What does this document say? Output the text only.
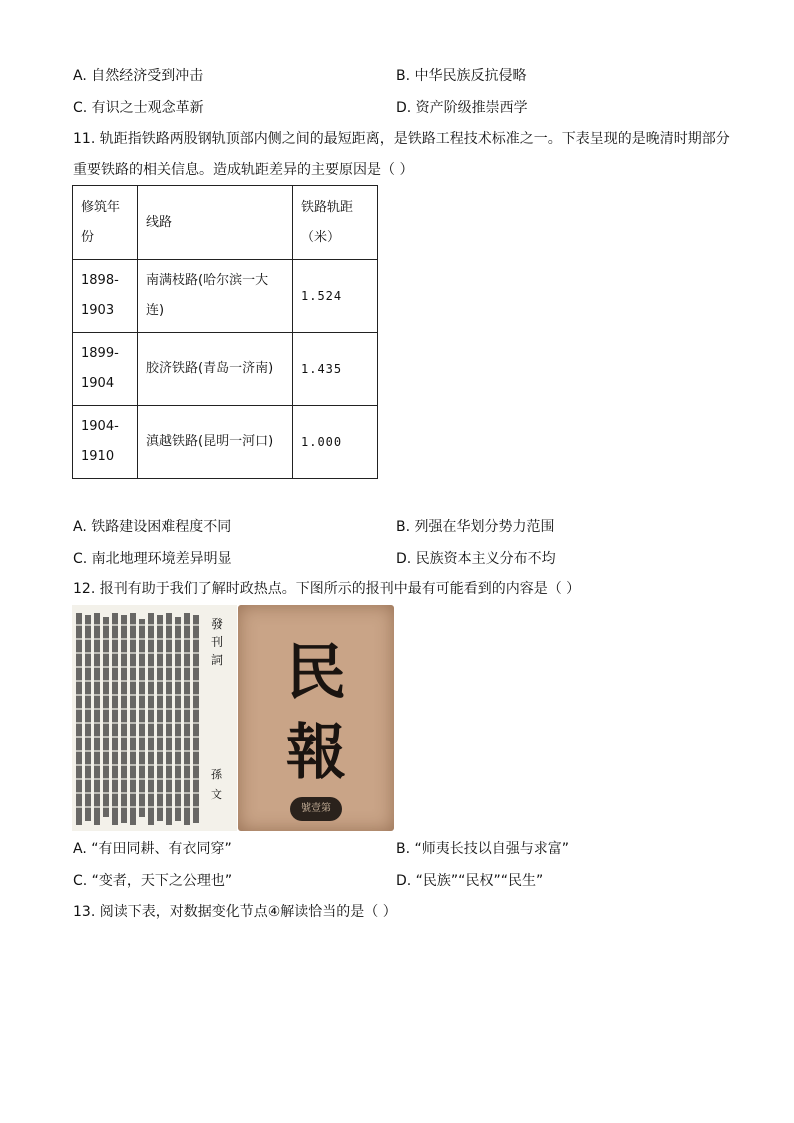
A. 自然经济受到冲击	B. 中华民族反抗侵略
C. 有识之士观念革新	D. 资产阶级推崇西学
11. 轨距指铁路两股钢轨顶部内侧之间的最短距离，是铁路工程技术标准之一。下表呈现的是晚清时期部分
重要铁路的相关信息。造成轨距差异的主要原因是（ ）
修筑年份	线路	铁路轨距（米）
1898-1903	南满枝路(哈尔滨一大连)	1.524
1899-1904	胶济铁路(青岛一济南)	1.435
1904-1910	滇越铁路(昆明一河口)	1.000
A. 铁路建设困难程度不同	B. 列强在华划分势力范围
C. 南北地理环境差异明显	D. 民族资本主义分布不均
12. 报刊有助于我们了解时政热点。下图所示的报刊中最有可能看到的内容是（ ）
發刊詞
孫  文
民
報
號壹第
A. “有田同耕、有衣同穿”	B. “师夷长技以自强与求富”
C. “变者，天下之公理也”	D. “民族”“民权”“民生”
13. 阅读下表，对数据变化节点④解读恰当的是（ ）
